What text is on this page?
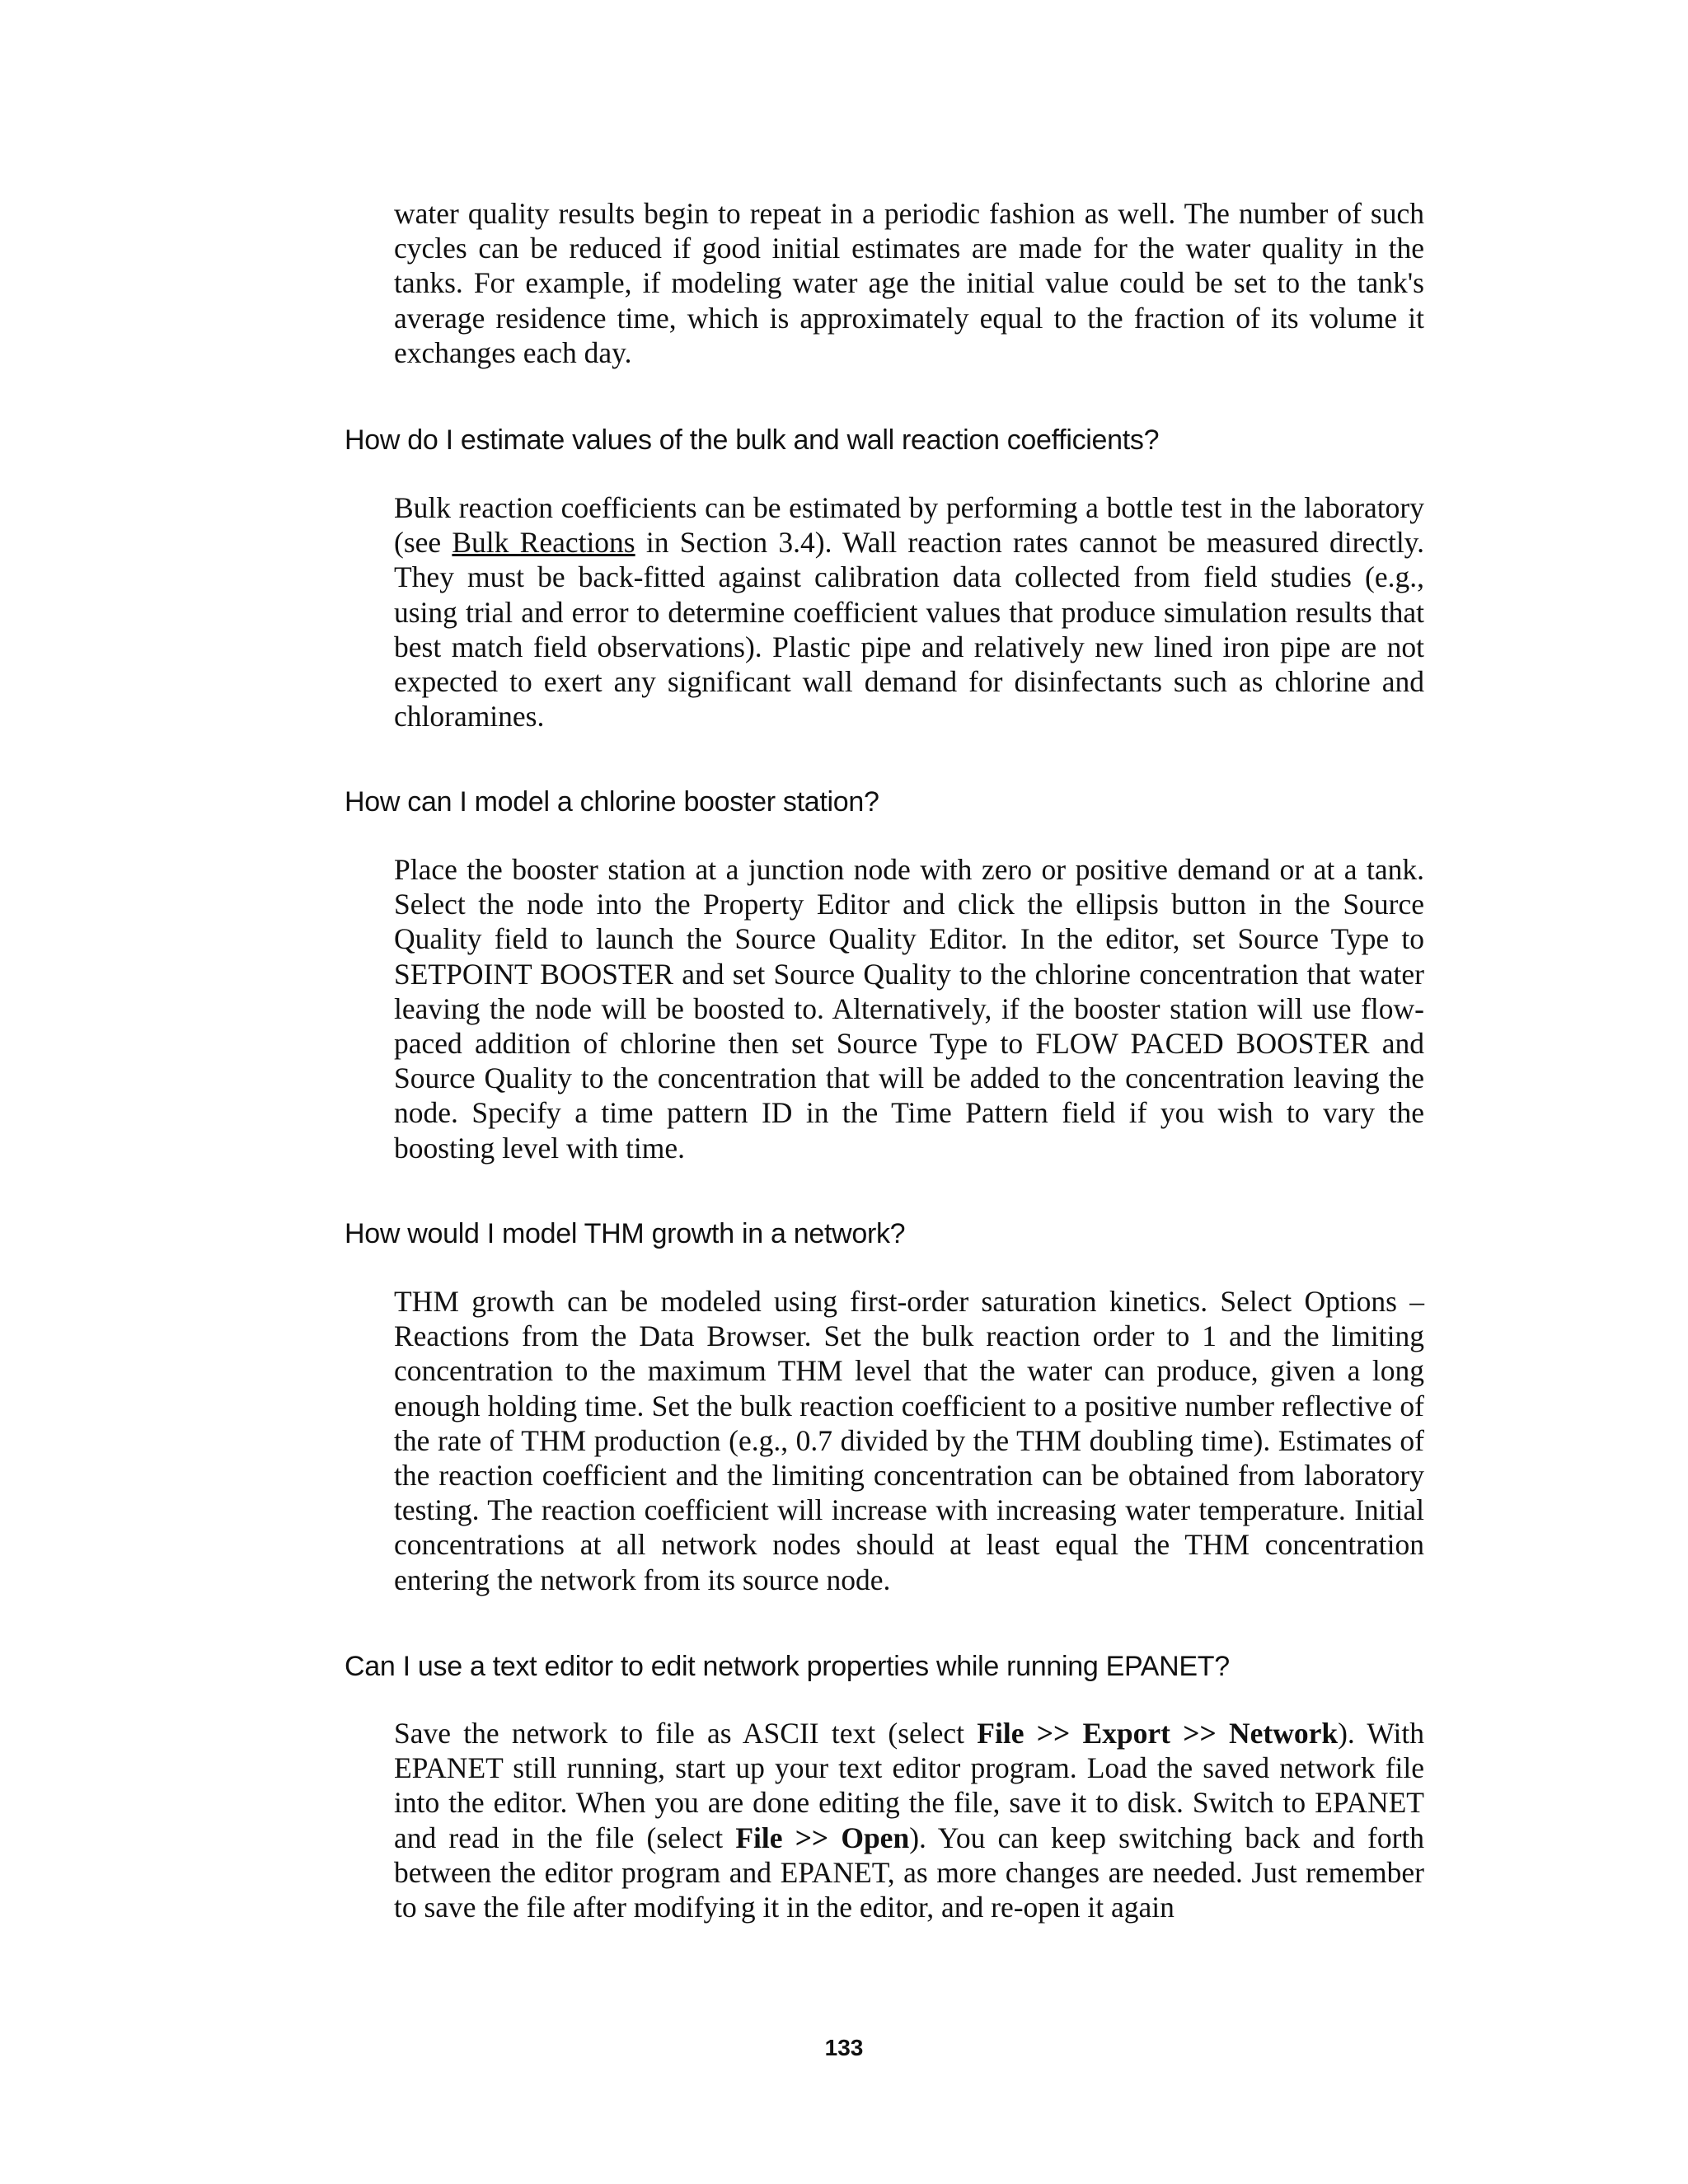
water quality results begin to repeat in a periodic fashion as well. The number of such cycles can be reduced if good initial estimates are made for the water quality in the tanks. For example, if modeling water age the initial value could be set to the tank's average residence time, which is approximately equal to the fraction of its volume it exchanges each day.

How do I estimate values of the bulk and wall reaction coefficients?

Bulk reaction coefficients can be estimated by performing a bottle test in the laboratory (see Bulk Reactions in Section 3.4). Wall reaction rates cannot be measured directly. They must be back-fitted against calibration data collected from field studies (e.g., using trial and error to determine coefficient values that produce simulation results that best match field observations). Plastic pipe and relatively new lined iron pipe are not expected to exert any significant wall demand for disinfectants such as chlorine and chloramines.

How can I model a chlorine booster station?

Place the booster station at a junction node with zero or positive demand or at a tank. Select the node into the Property Editor and click the ellipsis button in the Source Quality field to launch the Source Quality Editor. In the editor, set Source Type to SETPOINT BOOSTER and set Source Quality to the chlorine concentration that water leaving the node will be boosted to. Alternatively, if the booster station will use flow-paced addition of chlorine then set Source Type to FLOW PACED BOOSTER and Source Quality to the concentration that will be added to the concentration leaving the node. Specify a time pattern ID in the Time Pattern field if you wish to vary the boosting level with time.

How would I model THM growth in a network?

THM growth can be modeled using first-order saturation kinetics. Select Options – Reactions from the Data Browser. Set the bulk reaction order to 1 and the limiting concentration to the maximum THM level that the water can produce, given a long enough holding time. Set the bulk reaction coefficient to a positive number reflective of the rate of THM production (e.g., 0.7 divided by the THM doubling time). Estimates of the reaction coefficient and the limiting concentration can be obtained from laboratory testing. The reaction coefficient will increase with increasing water temperature. Initial concentrations at all network nodes should at least equal the THM concentration entering the network from its source node.

Can I use a text editor to edit network properties while running EPANET?

Save the network to file as ASCII text (select File >> Export >> Network). With EPANET still running, start up your text editor program. Load the saved network file into the editor. When you are done editing the file, save it to disk. Switch to EPANET and read in the file (select File >> Open). You can keep switching back and forth between the editor program and EPANET, as more changes are needed. Just remember to save the file after modifying it in the editor, and re-open it again

133
